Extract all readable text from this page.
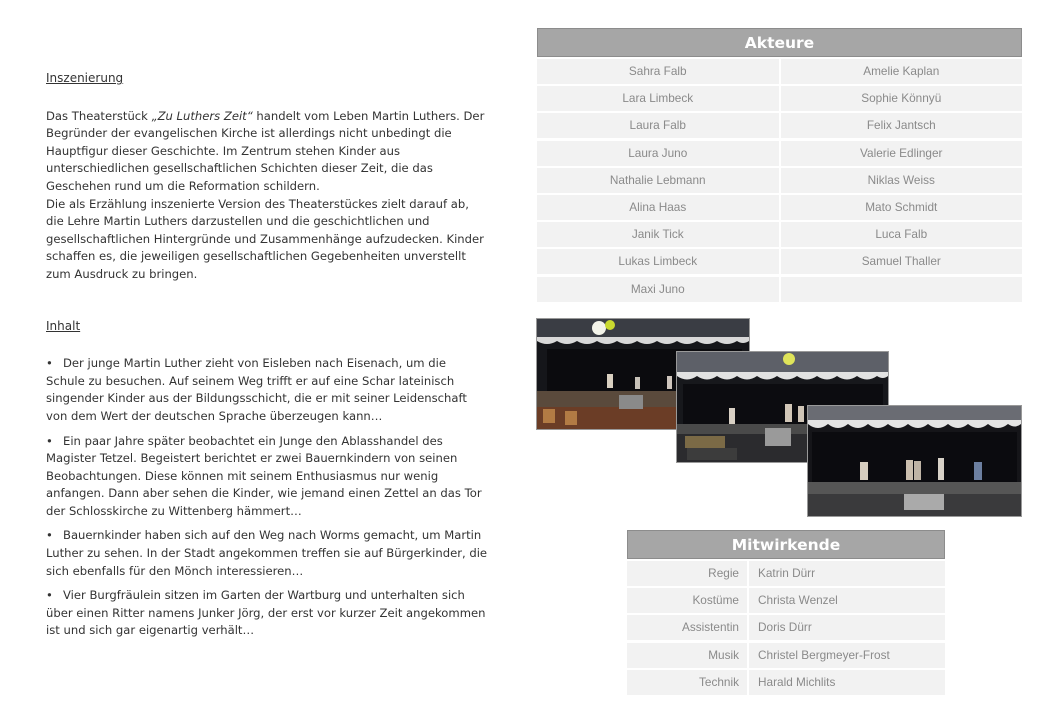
Inszenierung

Das Theaterstück „Zu Luthers Zeit“ handelt vom Leben Martin Luthers. Der Begründer der evangelischen Kirche ist allerdings nicht unbedingt die Hauptfigur dieser Geschichte. Im Zentrum stehen Kinder aus unterschiedlichen gesellschaftlichen Schichten dieser Zeit, die das Geschehen rund um die Reformation schildern.

Die als Erzählung inszenierte Version des Theaterstückes zielt darauf ab, die Lehre Martin Luthers darzustellen und die geschichtlichen und gesellschaftlichen Hintergründe und Zusammenhänge aufzudecken. Kinder schaffen es, die jeweiligen gesellschaftlichen Gegebenheiten unverstellt zum Ausdruck zu bringen.

Inhalt

• Der junge Martin Luther zieht von Eisleben nach Eisenach, um die Schule zu besuchen. Auf seinem Weg trifft er auf eine Schar lateinisch singender Kinder aus der Bildungsschicht, die er mit seiner Leidenschaft von dem Wert der deutschen Sprache überzeugen kann…
• Ein paar Jahre später beobachtet ein Junge den Ablasshandel des Magister Tetzel. Begeistert berichtet er zwei Bauernkindern von seinen Beobachtungen. Diese können mit seinem Enthusiasmus nur wenig anfangen. Dann aber sehen die Kinder, wie jemand einen Zettel an das Tor der Schlosskirche zu Wittenberg hämmert…
• Bauernkinder haben sich auf den Weg nach Worms gemacht, um Martin Luther zu sehen. In der Stadt angekommen treffen sie auf Bürgerkinder, die sich ebenfalls für den Mönch interessieren…
• Vier Burgfräulein sitzen im Garten der Wartburg und unterhalten sich über einen Ritter namens Junker Jörg, der erst vor kurzer Zeit angekommen ist und sich gar eigenartig verhält…
Akteure
Sahra Falb	Amelie Kaplan
Lara Limbeck	Sophie Könnyü
Laura Falb	Felix Jantsch
Laura Juno	Valerie Edlinger
Nathalie Lebmann	Niklas Weiss
Alina Haas	Mato Schmidt
Janik Tick	Luca Falb
Lukas Limbeck	Samuel Thaller
Maxi Juno
Mitwirkende
Regie	Katrin Dürr
Kostüme	Christa Wenzel
Assistentin	Doris Dürr
Musik	Christel Bergmeyer-Frost
Technik	Harald Michlits
